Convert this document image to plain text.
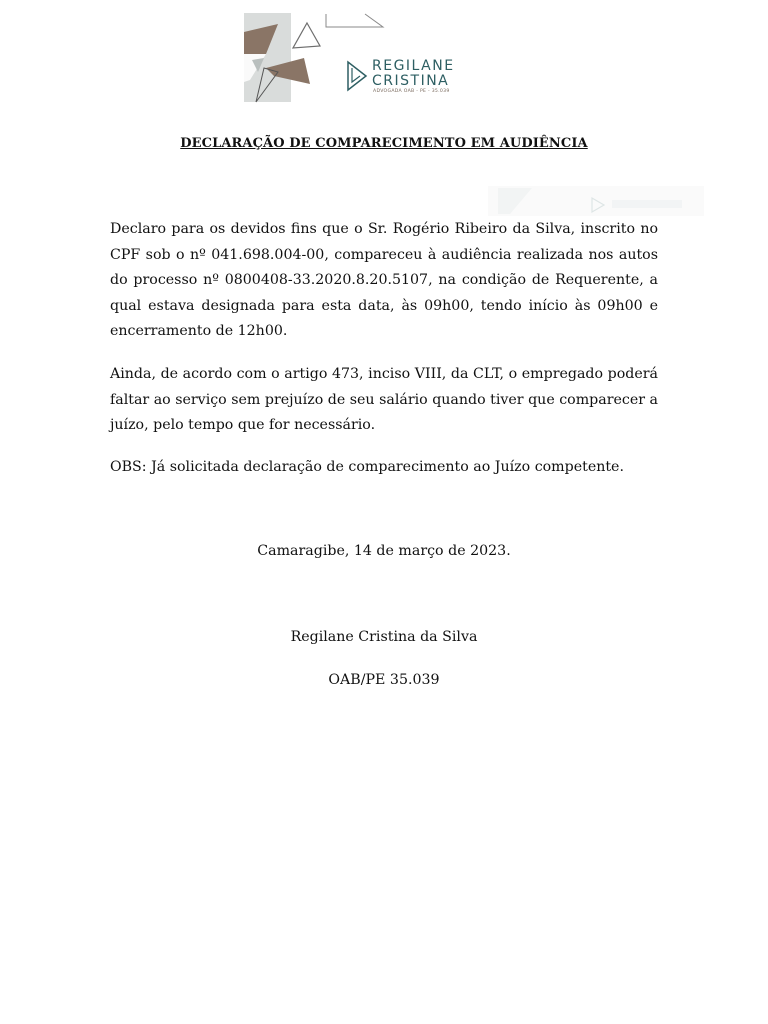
REGILANE
CRISTINA
ADVOGADA OAB - PE - 35.039
DECLARAÇÃO DE COMPARECIMENTO EM AUDIÊNCIA

Declaro para os devidos fins que o Sr. Rogério Ribeiro da Silva, inscrito no CPF sob o nº 041.698.004-00, compareceu à audiência realizada nos autos do processo nº 0800408-33.2020.8.20.5107, na condição de Requerente, a qual estava designada para esta data, às 09h00, tendo início às 09h00 e encerramento de 12h00.

Ainda, de acordo com o artigo 473, inciso VIII, da CLT, o empregado poderá faltar ao serviço sem prejuízo de seu salário quando tiver que comparecer a juízo, pelo tempo que for necessário.

OBS: Já solicitada declaração de comparecimento ao Juízo competente.

Camaragibe, 14 de março de 2023.

Regilane Cristina da Silva

OAB/PE 35.039
